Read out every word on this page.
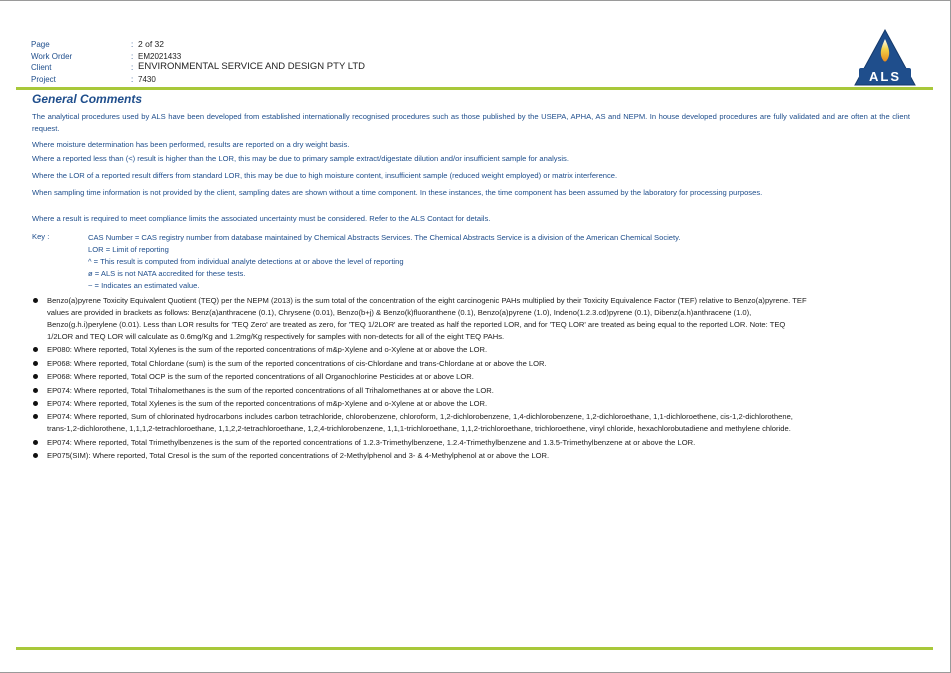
Page	: 2 of 32
Work Order	: EM2021433
Client	: ENVIRONMENTAL SERVICE AND DESIGN PTY LTD
Project	: 7430	ALS
General Comments
The analytical procedures used by ALS have been developed from established internationally recognised procedures such as those published by the USEPA, APHA, AS and NEPM. In house developed procedures are fully validated and are often at the client request.
Where moisture determination has been performed, results are reported on a dry weight basis.
Where a reported less than (<) result is higher than the LOR, this may be due to primary sample extract/digestate dilution and/or insufficient sample for analysis.
Where the LOR of a reported result differs from standard LOR, this may be due to high moisture content, insufficient sample (reduced weight employed) or matrix interference.
When sampling time information is not provided by the client, sampling dates are shown without a time component. In these instances, the time component has been assumed by the laboratory for processing purposes.
Where a result is required to meet compliance limits the associated uncertainty must be considered. Refer to the ALS Contact for details.
Key :	CAS Number = CAS registry number from database maintained by Chemical Abstracts Services. The Chemical Abstracts Service is a division of the American Chemical Society.
LOR = Limit of reporting
^ = This result is computed from individual analyte detections at or above the level of reporting
ø = ALS is not NATA accredited for these tests.
~ = Indicates an estimated value.
Benzo(a)pyrene Toxicity Equivalent Quotient (TEQ) per the NEPM (2013) is the sum total of the concentration of the eight carcinogenic PAHs multiplied by their Toxicity Equivalence Factor (TEF) relative to Benzo(a)pyrene. TEF values are provided in brackets as follows: Benz(a)anthracene (0.1), Chrysene (0.01), Benzo(b+j) & Benzo(k)fluoranthene (0.1), Benzo(a)pyrene (1.0), Indeno(1.2.3.cd)pyrene (0.1), Dibenz(a.h)anthracene (1.0), Benzo(g.h.i)perylene (0.01). Less than LOR results for 'TEQ Zero' are treated as zero, for 'TEQ 1/2LOR' are treated as half the reported LOR, and for 'TEQ LOR' are treated as being equal to the reported LOR. Note: TEQ 1/2LOR and TEQ LOR will calculate as 0.6mg/Kg and 1.2mg/Kg respectively for samples with non-detects for all of the eight TEQ PAHs.
EP080: Where reported, Total Xylenes is the sum of the reported concentrations of m&p-Xylene and o-Xylene at or above the LOR.
EP068: Where reported, Total Chlordane (sum) is the sum of the reported concentrations of cis-Chlordane and trans-Chlordane at or above the LOR.
EP068: Where reported, Total OCP is the sum of the reported concentrations of all Organochlorine Pesticides at or above LOR.
EP074: Where reported, Total Trihalomethanes is the sum of the reported concentrations of all Trihalomethanes at or above the LOR.
EP074: Where reported, Total Xylenes is the sum of the reported concentrations of m&p-Xylene and o-Xylene at or above the LOR.
EP074: Where reported, Sum of chlorinated hydrocarbons includes carbon tetrachloride, chlorobenzene, chloroform, 1,2-dichlorobenzene, 1,4-dichlorobenzene, 1,2-dichloroethane, 1,1-dichloroethene, cis-1,2-dichlorothene, trans-1,2-dichlorothene, 1,1,1,2-tetrachloroethane, 1,1,2,2-tetrachloroethane, 1,2,4-trichlorobenzene, 1,1,1-trichloroethane, 1,1,2-trichloroethane, trichloroethene, vinyl chloride, hexachlorobutadiene and methylene chloride.
EP074: Where reported, Total Trimethylbenzenes is the sum of the reported concentrations of 1.2.3-Trimethylbenzene, 1.2.4-Trimethylbenzene and 1.3.5-Trimethylbenzene at or above the LOR.
EP075(SIM): Where reported, Total Cresol is the sum of the reported concentrations of 2-Methylphenol and 3- & 4-Methylphenol at or above the LOR.
